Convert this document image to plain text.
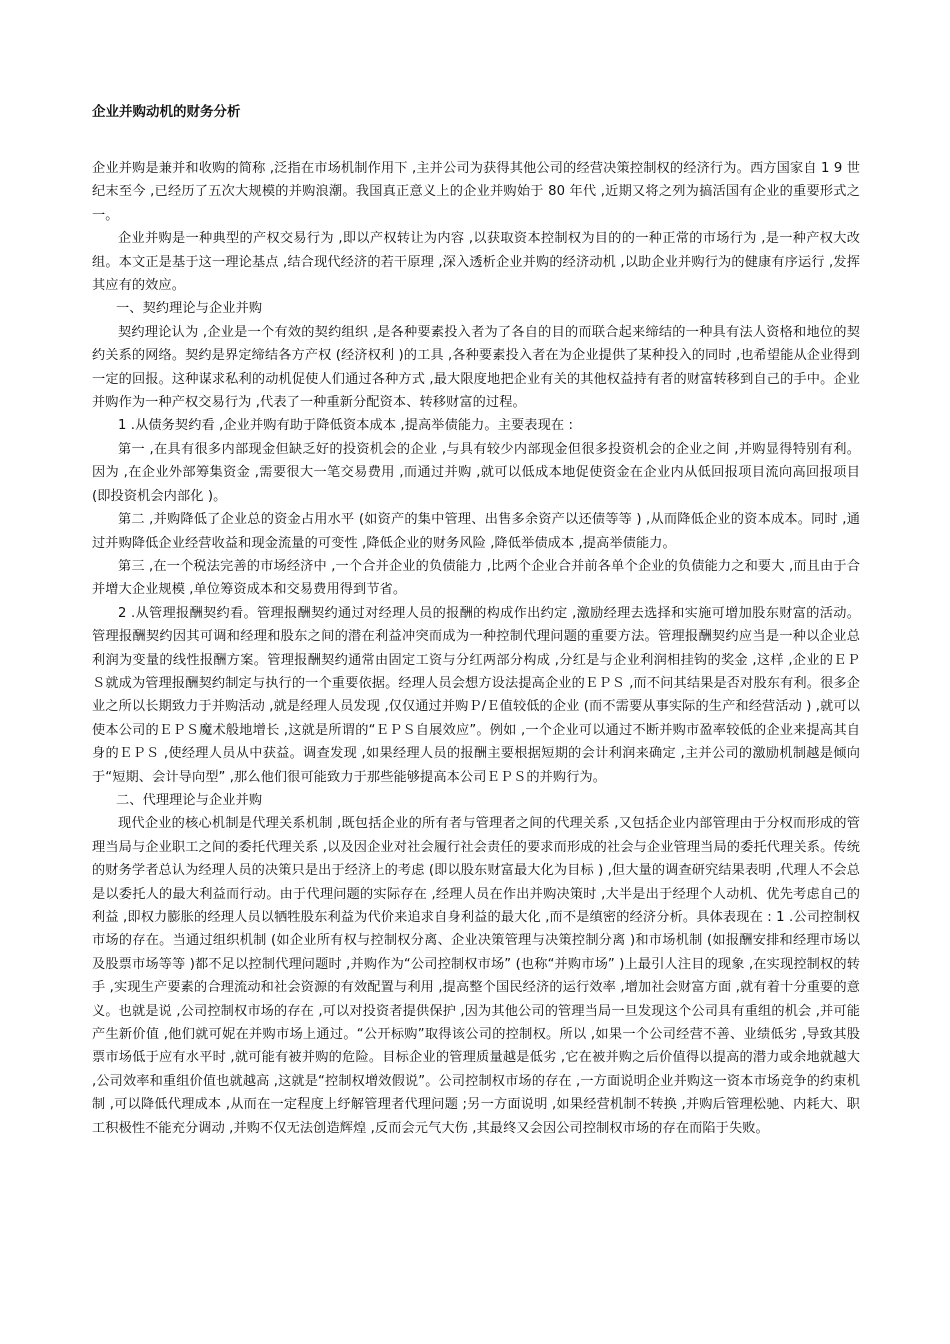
企业并购动机的财务分析

企业并购是兼并和收购的简称 ,泛指在市场机制作用下 ,主并公司为获得其他公司的经营决策控制权的经济行为。西方国家自 1 9 世纪末至今 ,已经历了五次大规模的并购浪潮。我国真正意义上的企业并购始于 80 年代 ,近期又将之列为搞活国有企业的重要形式之一。

企业并购是一种典型的产权交易行为 ,即以产权转让为内容 ,以获取资本控制权为目的的一种正常的市场行为 ,是一种产权大改组。本文正是基于这一理论基点 ,结合现代经济的若干原理 ,深入透析企业并购的经济动机 ,以助企业并购行为的健康有序运行 ,发挥其应有的效应。

一、契约理论与企业并购

契约理论认为 ,企业是一个有效的契约组织 ,是各种要素投入者为了各自的目的而联合起来缔结的一种具有法人资格和地位的契约关系的网络。契约是界定缔结各方产权 (经济权利 )的工具 ,各种要素投入者在为企业提供了某种投入的同时 ,也希望能从企业得到一定的回报。这种谋求私利的动机促使人们通过各种方式 ,最大限度地把企业有关的其他权益持有者的财富转移到自己的手中。企业并购作为一种产权交易行为 ,代表了一种重新分配资本、转移财富的过程。

1 .从债务契约看 ,企业并购有助于降低资本成本 ,提高举债能力。主要表现在 :

第一 ,在具有很多内部现金但缺乏好的投资机会的企业 ,与具有较少内部现金但很多投资机会的企业之间 ,并购显得特别有利。因为 ,在企业外部筹集资金 ,需要很大一笔交易费用 ,而通过并购 ,就可以低成本地促使资金在企业内从低回报项目流向高回报项目 (即投资机会内部化 )。

第二 ,并购降低了企业总的资金占用水平 (如资产的集中管理、出售多余资产以还债等等 ) ,从而降低企业的资本成本。同时 ,通过并购降低企业经营收益和现金流量的可变性 ,降低企业的财务风险 ,降低举债成本 ,提高举债能力。

第三 ,在一个税法完善的市场经济中 ,一个合并企业的负债能力 ,比两个企业合并前各单个企业的负债能力之和要大 ,而且由于合并增大企业规模 ,单位筹资成本和交易费用得到节省。

2 .从管理报酬契约看。管理报酬契约通过对经理人员的报酬的构成作出约定 ,激励经理去选择和实施可增加股东财富的活动。管理报酬契约因其可调和经理和股东之间的潜在利益冲突而成为一种控制代理问题的重要方法。管理报酬契约应当是一种以企业总利润为变量的线性报酬方案。管理报酬契约通常由固定工资与分红两部分构成 ,分红是与企业利润相挂钩的奖金 ,这样 ,企业的ＥＰＳ就成为管理报酬契约制定与执行的一个重要依据。经理人员会想方设法提高企业的ＥＰＳ ,而不问其结果是否对股东有利。很多企业之所以长期致力于并购活动 ,就是经理人员发现 ,仅仅通过并购Ｐ/Ｅ值较低的企业 (而不需要从事实际的生产和经营活动 ) ,就可以使本公司的ＥＰＳ魔术般地增长 ,这就是所谓的“ＥＰＳ自展效应”。例如 ,一个企业可以通过不断并购市盈率较低的企业来提高其自身的ＥＰＳ ,使经理人员从中获益。调查发现 ,如果经理人员的报酬主要根据短期的会计利润来确定 ,主并公司的激励机制越是倾向于“短期、会计导向型” ,那么他们很可能致力于那些能够提高本公司ＥＰＳ的并购行为。

二、代理理论与企业并购

现代企业的核心机制是代理关系机制 ,既包括企业的所有者与管理者之间的代理关系 ,又包括企业内部管理由于分权而形成的管理当局与企业职工之间的委托代理关系 ,以及因企业对社会履行社会责任的要求而形成的社会与企业管理当局的委托代理关系。传统的财务学者总认为经理人员的决策只是出于经济上的考虑 (即以股东财富最大化为目标 ) ,但大量的调查研究结果表明 ,代理人不会总是以委托人的最大利益而行动。由于代理问题的实际存在 ,经理人员在作出并购决策时 ,大半是出于经理个人动机、优先考虑自己的利益 ,即权力膨胀的经理人员以牺牲股东利益为代价来追求自身利益的最大化 ,而不是缜密的经济分析。具体表现在 : 1 .公司控制权市场的存在。当通过组织机制 (如企业所有权与控制权分离、企业决策管理与决策控制分离 )和市场机制 (如报酬安排和经理市场以及股票市场等等 )都不足以控制代理问题时 ,并购作为“公司控制权市场” (也称“并购市场” )上最引人注目的现象 ,在实现控制权的转手 ,实现生产要素的合理流动和社会资源的有效配置与利用 ,提高整个国民经济的运行效率 ,增加社会财富方面 ,就有着十分重要的意义。也就是说 ,公司控制权市场的存在 ,可以对投资者提供保护 ,因为其他公司的管理当局一旦发现这个公司具有重组的机会 ,并可能产生新价值 ,他们就可妮在并购市场上通过。“公开标购”取得该公司的控制权。所以 ,如果一个公司经营不善、业绩低劣 ,导致其股票市场低于应有水平时 ,就可能有被并购的危险。目标企业的管理质量越是低劣 ,它在被并购之后价值得以提高的潜力或余地就越大 ,公司效率和重组价值也就越高 ,这就是“控制权增效假说”。公司控制权市场的存在 ,一方面说明企业并购这一资本市场竞争的约束机制 ,可以降低代理成本 ,从而在一定程度上纾解管理者代理问题 ;另一方面说明 ,如果经营机制不转换 ,并购后管理松驰、内耗大、职工积极性不能充分调动 ,并购不仅无法创造辉煌 ,反而会元气大伤 ,其最终又会因公司控制权市场的存在而陷于失败。
